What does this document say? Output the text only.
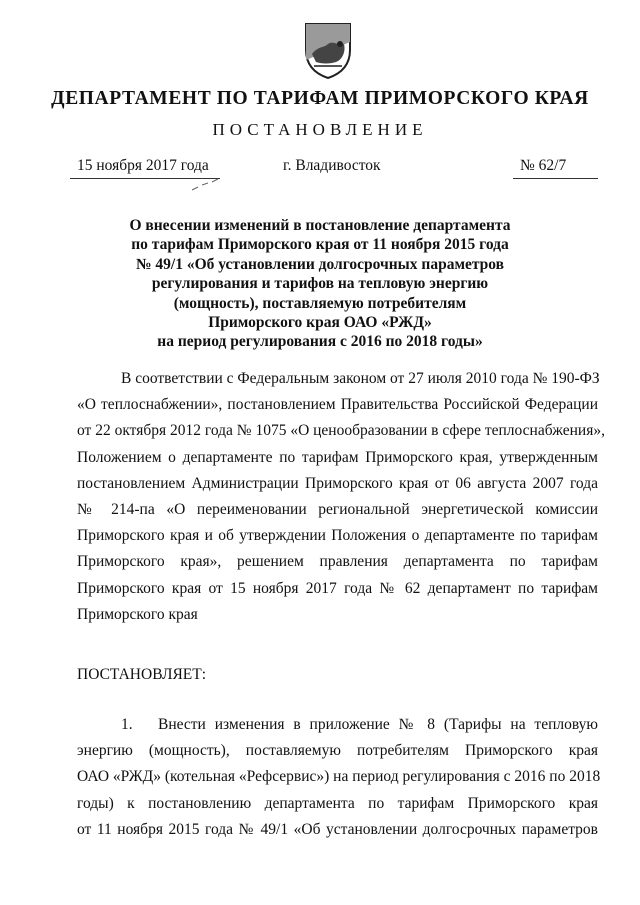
ДЕПАРТАМЕНТ ПО ТАРИФАМ ПРИМОРСКОГО КРАЯ
ПОСТАНОВЛЕНИЕ
15 ноября 2017 года	г. Владивосток	№ 62/7
О внесении изменений в постановление департамента
по тарифам Приморского края от 11 ноября 2015 года
№ 49/1 «Об установлении долгосрочных параметров
регулирования и тарифов на тепловую энергию
(мощность), поставляемую потребителям
Приморского края ОАО «РЖД»
на период регулирования с 2016 по 2018 годы»
В соответствии с Федеральным законом от 27 июля 2010 года № 190-ФЗ
«О теплоснабжении», постановлением Правительства Российской Федерации
от 22 октября 2012 года № 1075 «О ценообразовании в сфере теплоснабжения»,
Положением о департаменте по тарифам Приморского края, утвержденным
постановлением Администрации Приморского края от 06 августа 2007 года
№ 214-па «О переименовании региональной энергетической комиссии
Приморского края и об утверждении Положения о департаменте по тарифам
Приморского края», решением правления департамента по тарифам
Приморского края от 15 ноября 2017 года № 62 департамент по тарифам
Приморского края
ПОСТАНОВЛЯЕТ:
1. Внести изменения в приложение № 8 (Тарифы на тепловую
энергию (мощность), поставляемую потребителям Приморского края
ОАО «РЖД» (котельная «Рефсервис») на период регулирования с 2016 по 2018
годы) к постановлению департамента по тарифам Приморского края
от 11 ноября 2015 года № 49/1 «Об установлении долгосрочных параметров
